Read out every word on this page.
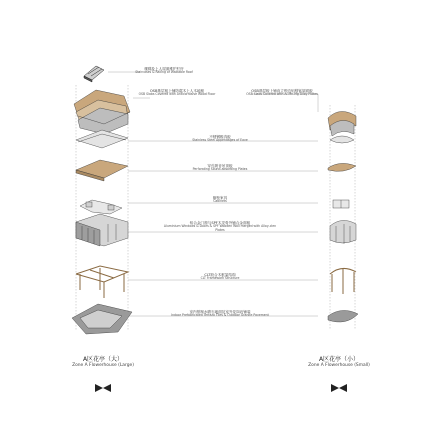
楼梯及上人屋面维护栏杆
Staircases & Railing of Walkable Roof
OSB基层板上铺防腐木上人木地板
OSB Slabs Covered with Anticorrosive Wood Floor
OSB基层板上铺直立锁边铝镁锰屋面板
OSB Slabs Covered with Al-Mn-Mg Alloy Plates
不锈钢檐沟板
Stainless Steel Appendages of Eave
穿孔吸音吊顶板
Perforating Sound-absorbing Plates
橱柜家具
Cabinets
铝合金门窗与SPF木龙骨外铺合金面板
Aluminium Windows & Doors & SPF Wooden Wall merged with Alloy-clen Plates
CLT胶合木框架结构
CLT Framework Structure
室内预制水磨石地面及室外花岗岩铺装
Indoor Prefabricated Terrazo Tiles & Outdoor Granite Pavement
A区花亭（大）
Zone A Flowerhouse (Large)
A区花亭（小）
Zone A Flowerhouse (Small)
